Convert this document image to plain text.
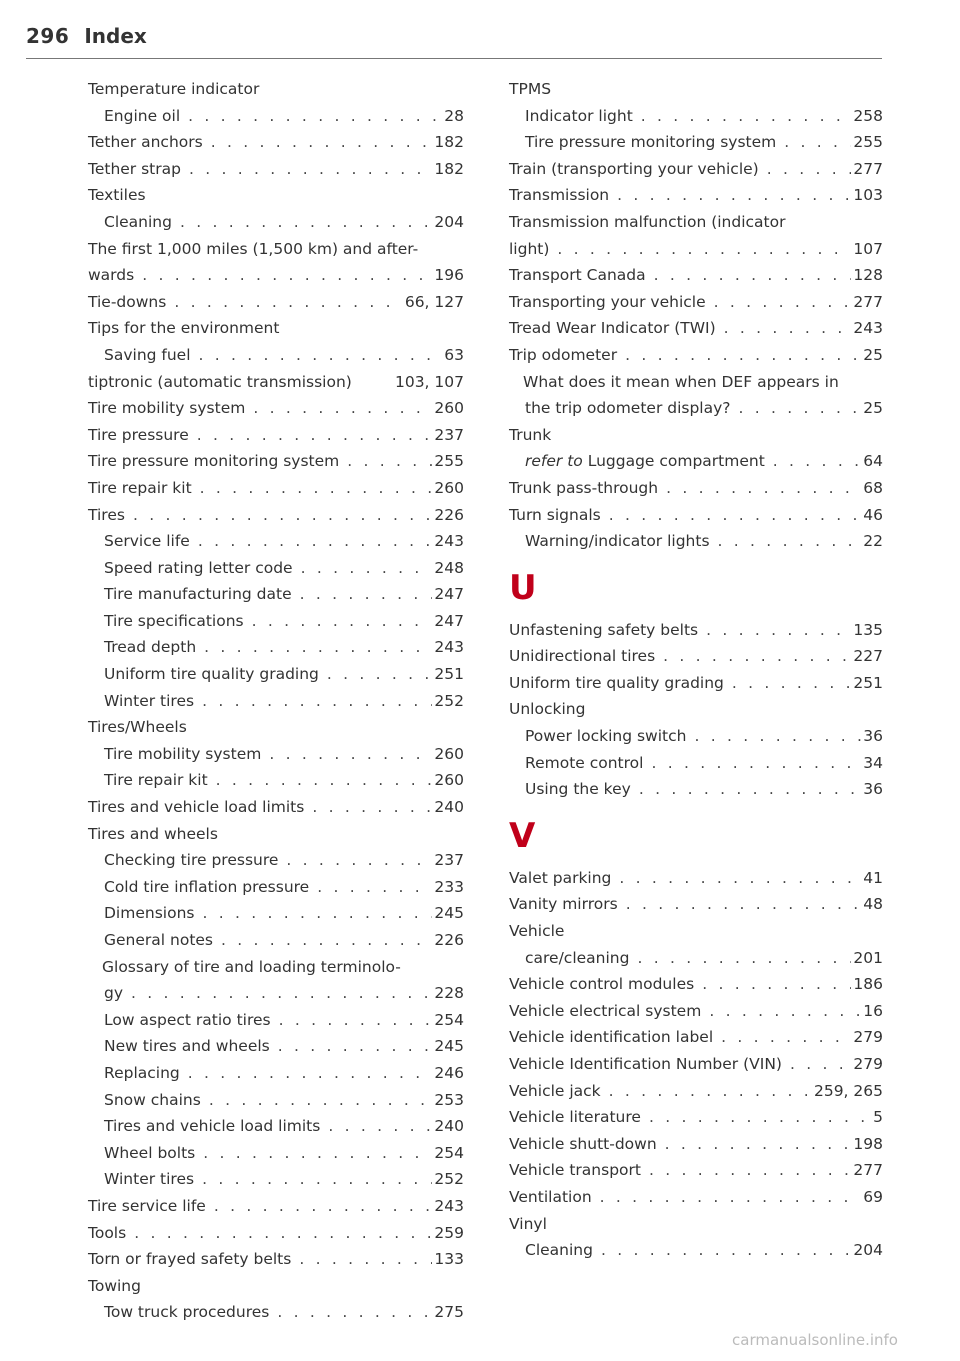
296 Index
Temperature indicator
Engine oil . . .	28
Tether anchors . . .	182
Tether strap . . .	182
Textiles
Cleaning . . .	204
The first 1,000 miles (1,500 km) and after-
wards . . .	196
Tie-downs . . .	66, 127
Tips for the environment
Saving fuel . . .	63
tiptronic (automatic transmission)	103, 107
Tire mobility system . . .	260
Tire pressure . . .	237
Tire pressure monitoring system . . .	255
Tire repair kit . . .	260
Tires . . .	226
Service life . . .	243
Speed rating letter code . . .	248
Tire manufacturing date . . .	247
Tire specifications . . .	247
Tread depth . . .	243
Uniform tire quality grading . . .	251
Winter tires . . .	252
Tires/Wheels
Tire mobility system . . .	260
Tire repair kit . . .	260
Tires and vehicle load limits . . .	240
Tires and wheels
Checking tire pressure . . .	237
Cold tire inflation pressure . . .	233
Dimensions . . .	245
General notes . . .	226
Glossary of tire and loading terminolo-
gy . . .	228
Low aspect ratio tires . . .	254
New tires and wheels . . .	245
Replacing . . .	246
Snow chains . . .	253
Tires and vehicle load limits . . .	240
Wheel bolts . . .	254
Winter tires . . .	252
Tire service life . . .	243
Tools . . .	259
Torn or frayed safety belts . . .	133
Towing
Tow truck procedures . . .	275
TPMS
Indicator light . . .	258
Tire pressure monitoring system . . .	255
Train (transporting your vehicle) . . .	277
Transmission . . .	103
Transmission malfunction (indicator
light) . . .	107
Transport Canada . . .	128
Transporting your vehicle . . .	277
Tread Wear Indicator (TWI) . . .	243
Trip odometer . . .	25
What does it mean when DEF appears in
the trip odometer display? . . .	25
Trunk
refer to Luggage compartment . . .	64
Trunk pass-through . . .	68
Turn signals . . .	46
Warning/indicator lights . . .	22
U
Unfastening safety belts . . .	135
Unidirectional tires . . .	227
Uniform tire quality grading . . .	251
Unlocking
Power locking switch . . .	36
Remote control . . .	34
Using the key . . .	36
V
Valet parking . . .	41
Vanity mirrors . . .	48
Vehicle
care/cleaning . . .	201
Vehicle control modules . . .	186
Vehicle electrical system . . .	16
Vehicle identification label . . .	279
Vehicle Identification Number (VIN) . . .	279
Vehicle jack . . .	259, 265
Vehicle literature . . .	5
Vehicle shutt-down . . .	198
Vehicle transport . . .	277
Ventilation . . .	69
Vinyl
Cleaning . . .	204
carmanualsonline.info
